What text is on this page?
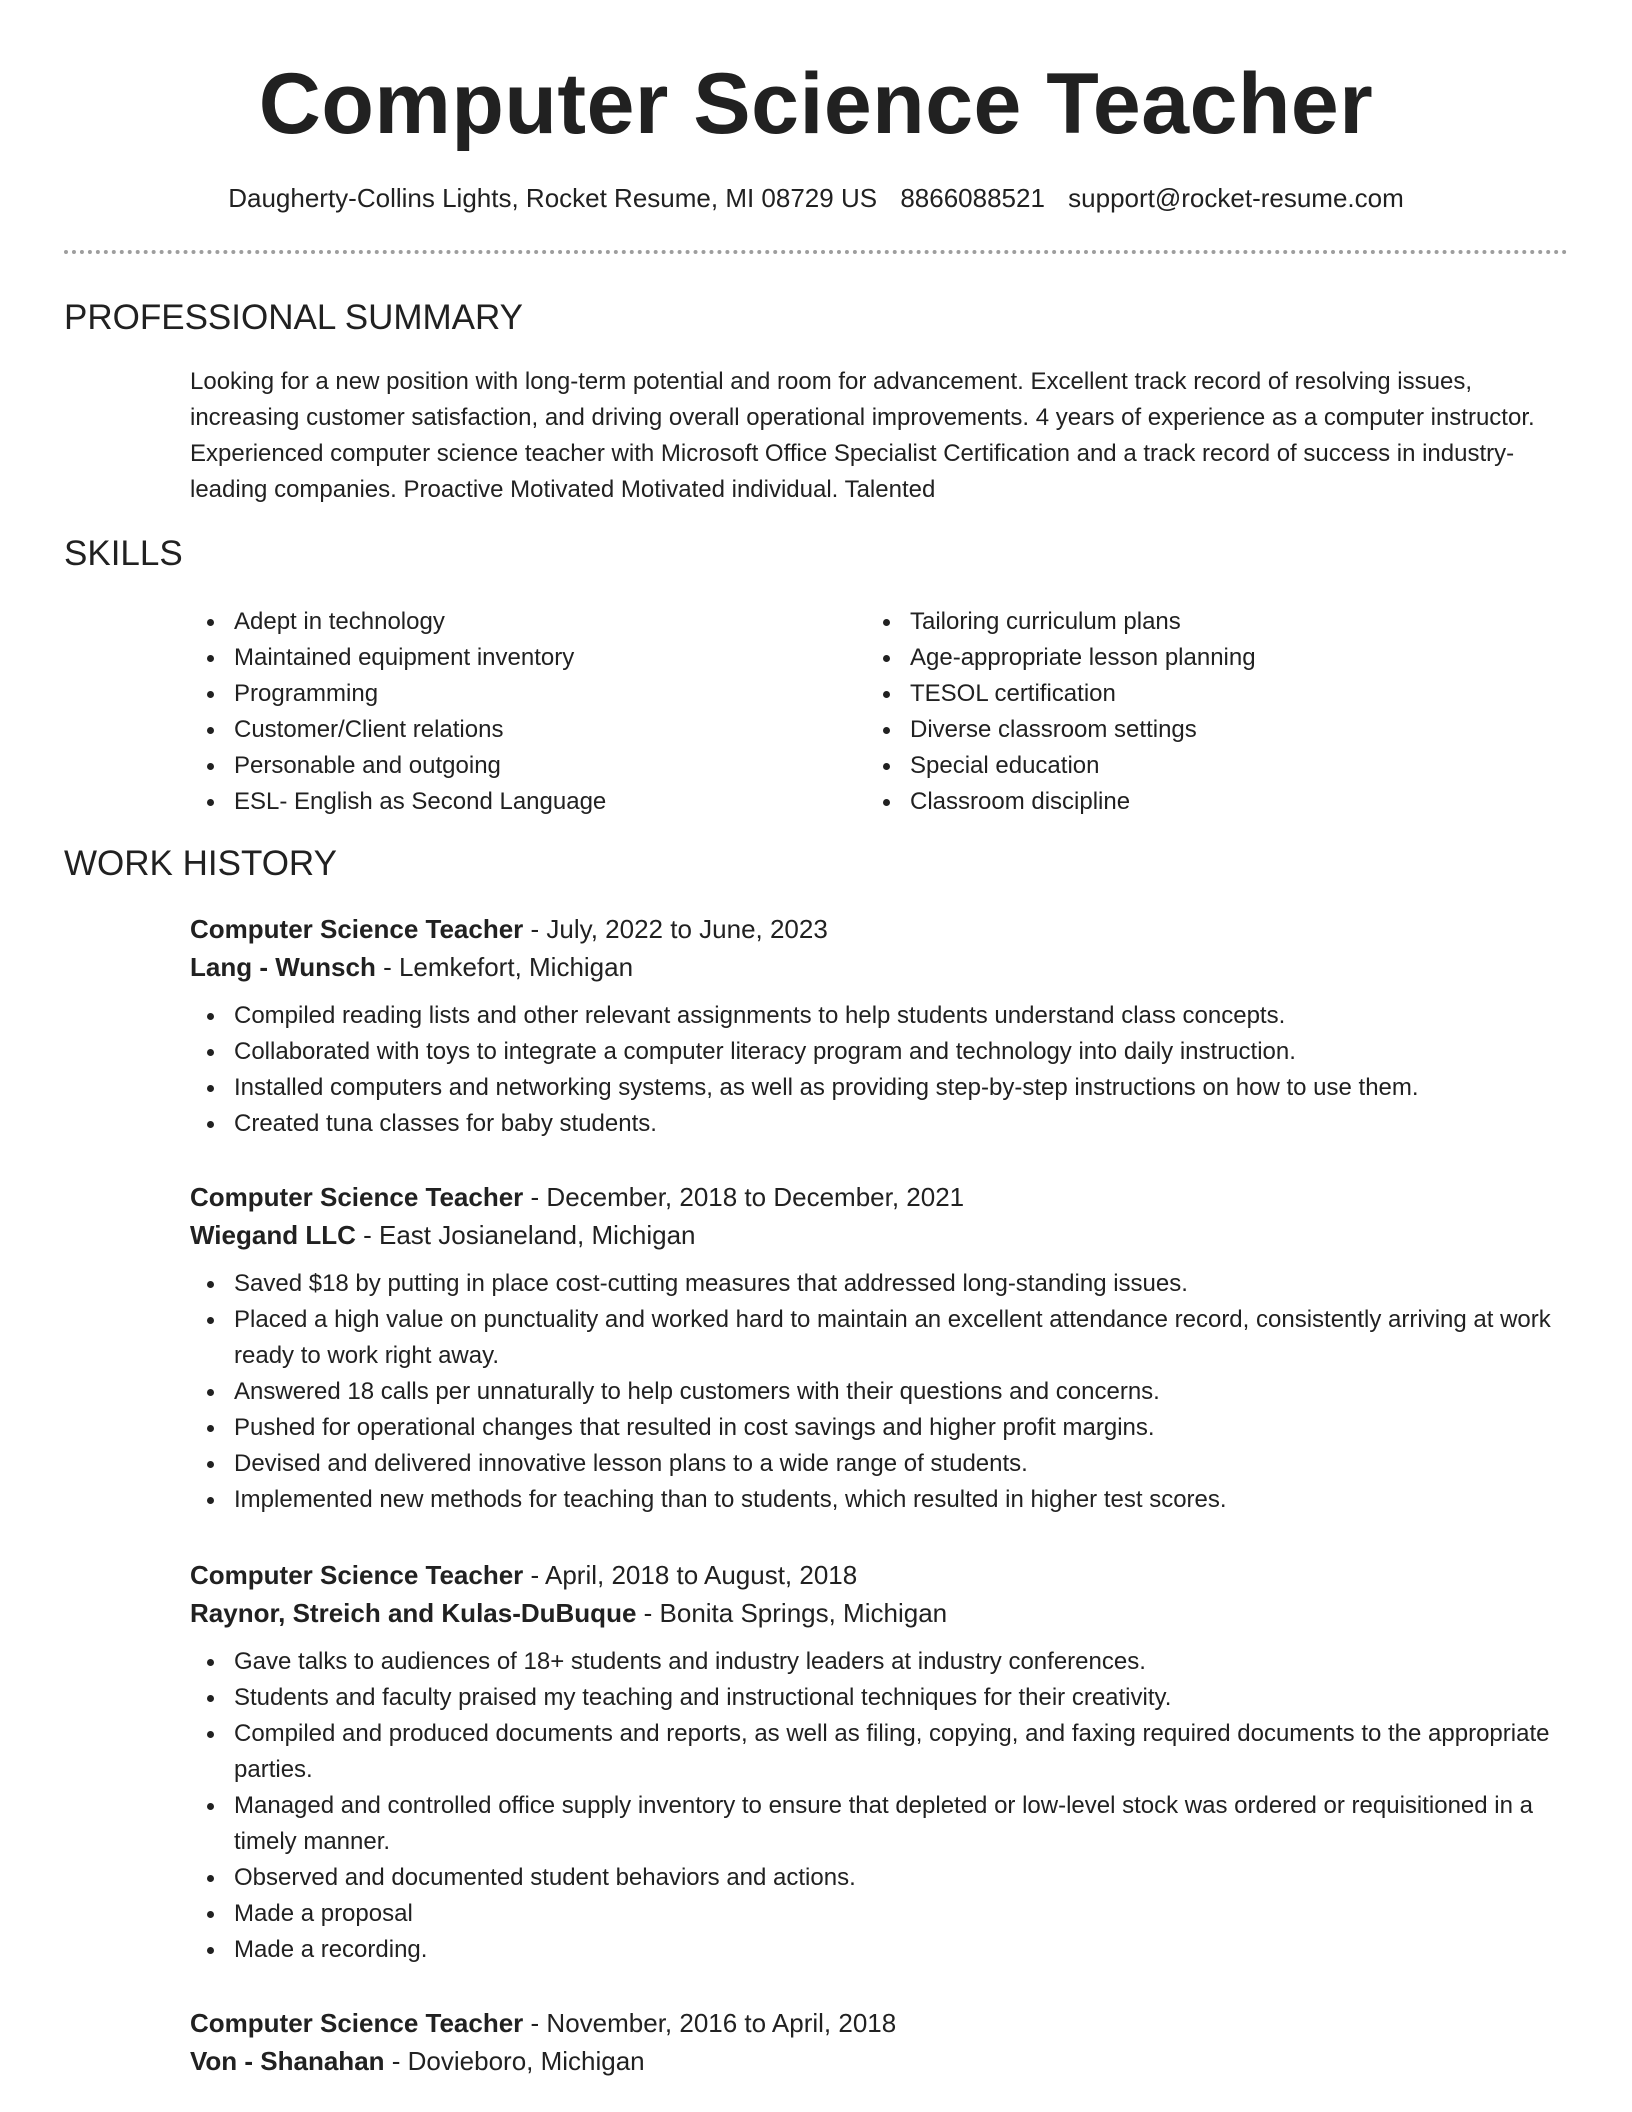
Computer Science Teacher
Daugherty-Collins Lights, Rocket Resume, MI 08729 US 8866088521 support@rocket-resume.com
PROFESSIONAL SUMMARY

Looking for a new position with long-term potential and room for advancement. Excellent track record of resolving issues, increasing customer satisfaction, and driving overall operational improvements. 4 years of experience as a computer instructor. Experienced computer science teacher with Microsoft Office Specialist Certification and a track record of success in industry-leading companies. Proactive Motivated Motivated individual. Talented

SKILLS
Adept in technology
Maintained equipment inventory
Programming
Customer/Client relations
Personable and outgoing
ESL- English as Second Language
Tailoring curriculum plans
Age-appropriate lesson planning
TESOL certification
Diverse classroom settings
Special education
Classroom discipline
WORK HISTORY
Computer Science Teacher - July, 2022 to June, 2023
Lang - Wunsch - Lemkefort, Michigan
Compiled reading lists and other relevant assignments to help students understand class concepts.
Collaborated with toys to integrate a computer literacy program and technology into daily instruction.
Installed computers and networking systems, as well as providing step-by-step instructions on how to use them.
Created tuna classes for baby students.
Computer Science Teacher - December, 2018 to December, 2021
Wiegand LLC - East Josianeland, Michigan
Saved $18 by putting in place cost-cutting measures that addressed long-standing issues.
Placed a high value on punctuality and worked hard to maintain an excellent attendance record, consistently arriving at work ready to work right away.
Answered 18 calls per unnaturally to help customers with their questions and concerns.
Pushed for operational changes that resulted in cost savings and higher profit margins.
Devised and delivered innovative lesson plans to a wide range of students.
Implemented new methods for teaching than to students, which resulted in higher test scores.
Computer Science Teacher - April, 2018 to August, 2018
Raynor, Streich and Kulas-DuBuque - Bonita Springs, Michigan
Gave talks to audiences of 18+ students and industry leaders at industry conferences.
Students and faculty praised my teaching and instructional techniques for their creativity.
Compiled and produced documents and reports, as well as filing, copying, and faxing required documents to the appropriate parties.
Managed and controlled office supply inventory to ensure that depleted or low-level stock was ordered or requisitioned in a timely manner.
Observed and documented student behaviors and actions.
Made a proposal
Made a recording.
Computer Science Teacher - November, 2016 to April, 2018
Von - Shanahan - Dovieboro, Michigan
